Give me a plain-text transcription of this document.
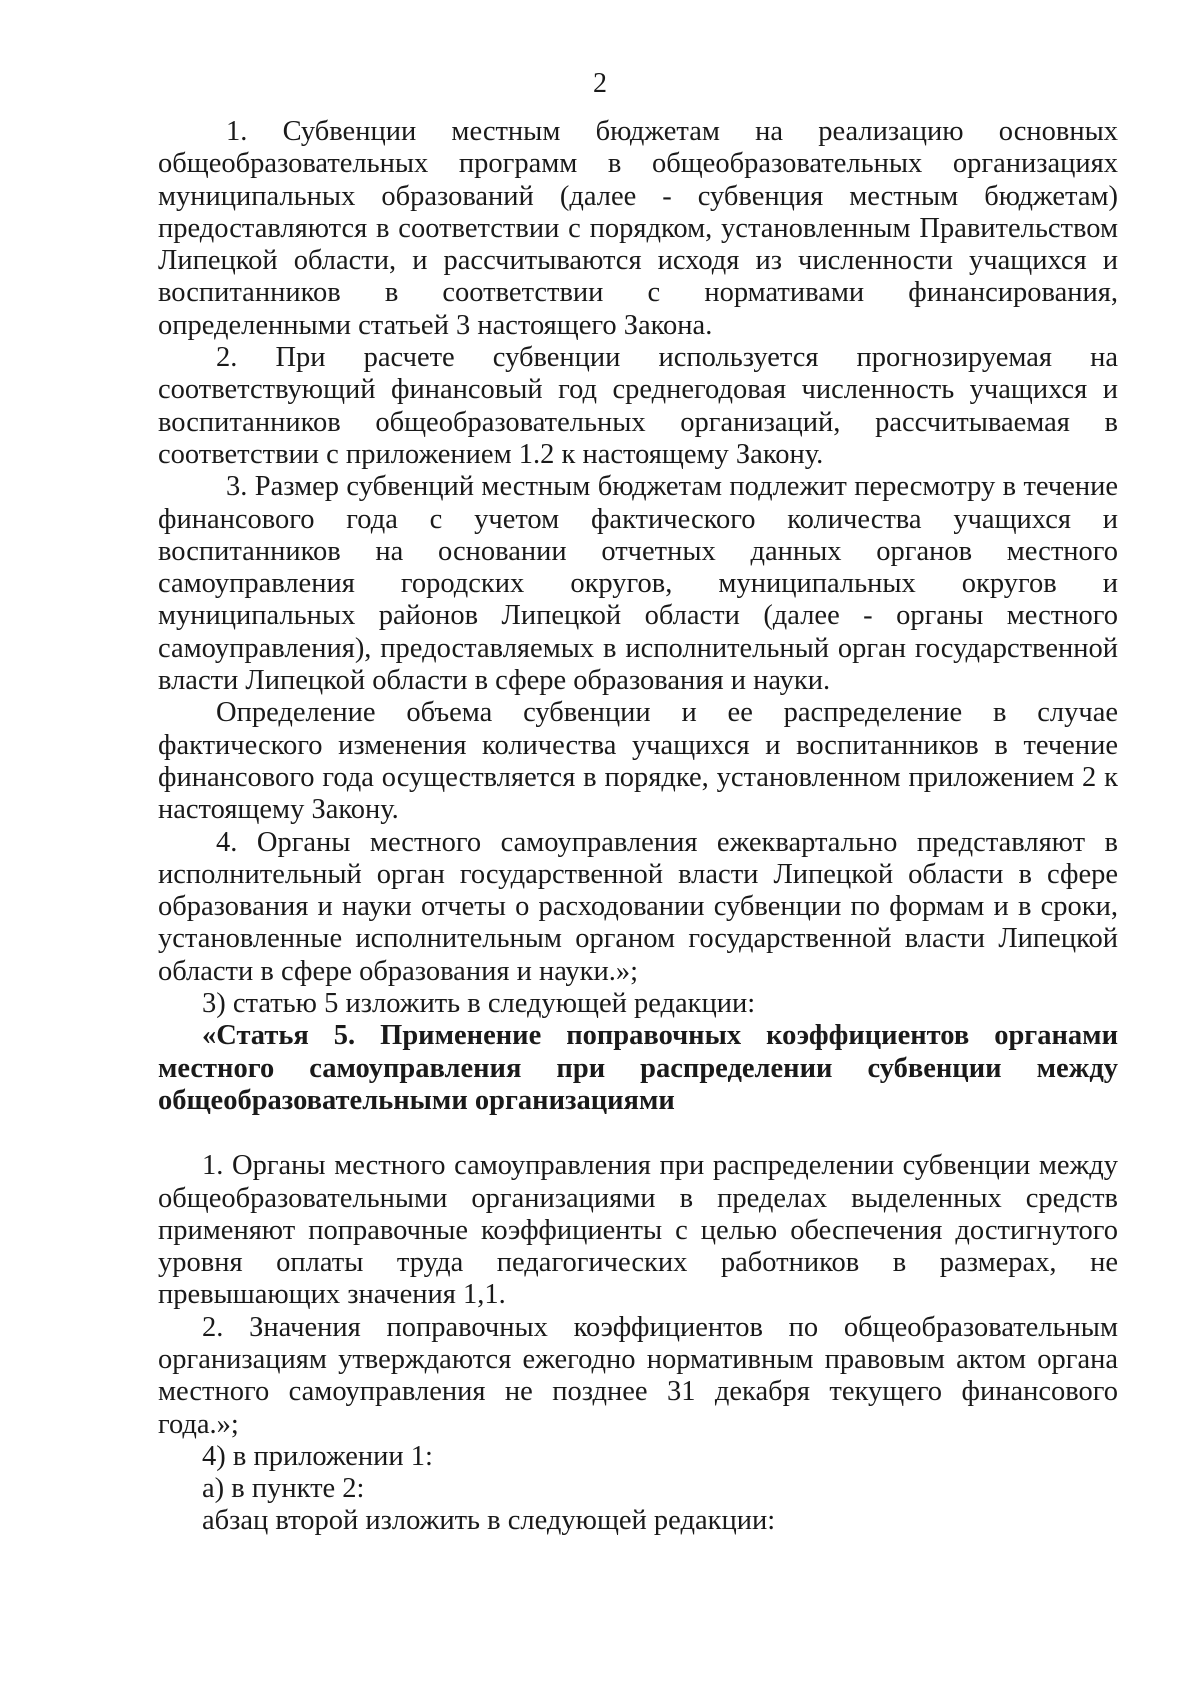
2

1. Субвенции местным бюджетам на реализацию основных общеобразовательных программ в общеобразовательных организациях муниципальных образований (далее - субвенция местным бюджетам) предоставляются в соответствии с порядком, установленным Правительством Липецкой области, и рассчитываются исходя из численности учащихся и воспитанников в соответствии с нормативами финансирования, определенными статьей 3 настоящего Закона.

2. При расчете субвенции используется прогнозируемая на соответствующий финансовый год среднегодовая численность учащихся и воспитанников общеобразовательных организаций, рассчитываемая в соответствии с приложением 1.2 к настоящему Закону.

3. Размер субвенций местным бюджетам подлежит пересмотру в течение финансового года с учетом фактического количества учащихся и воспитанников на основании отчетных данных органов местного самоуправления городских округов, муниципальных округов и муниципальных районов Липецкой области (далее - органы местного самоуправления), предоставляемых в исполнительный орган государственной власти Липецкой области в сфере образования и науки.

Определение объема субвенции и ее распределение в случае фактического изменения количества учащихся и воспитанников в течение финансового года осуществляется в порядке, установленном приложением 2 к настоящему Закону.

4. Органы местного самоуправления ежеквартально представляют в исполнительный орган государственной власти Липецкой области в сфере образования и науки отчеты о расходовании субвенции по формам и в сроки, установленные исполнительным органом государственной власти Липецкой области в сфере образования и науки.»;

3) статью 5 изложить в следующей редакции:

«Статья 5. Применение поправочных коэффициентов органами местного самоуправления при распределении субвенции между общеобразовательными организациями

1. Органы местного самоуправления при распределении субвенции между общеобразовательными организациями в пределах выделенных средств применяют поправочные коэффициенты с целью обеспечения достигнутого уровня оплаты труда педагогических работников в размерах, не превышающих значения 1,1.

2. Значения поправочных коэффициентов по общеобразовательным организациям утверждаются ежегодно нормативным правовым актом органа местного самоуправления не позднее 31 декабря текущего финансового года.»;

4) в приложении 1:

а) в пункте 2:

абзац второй изложить в следующей редакции:
